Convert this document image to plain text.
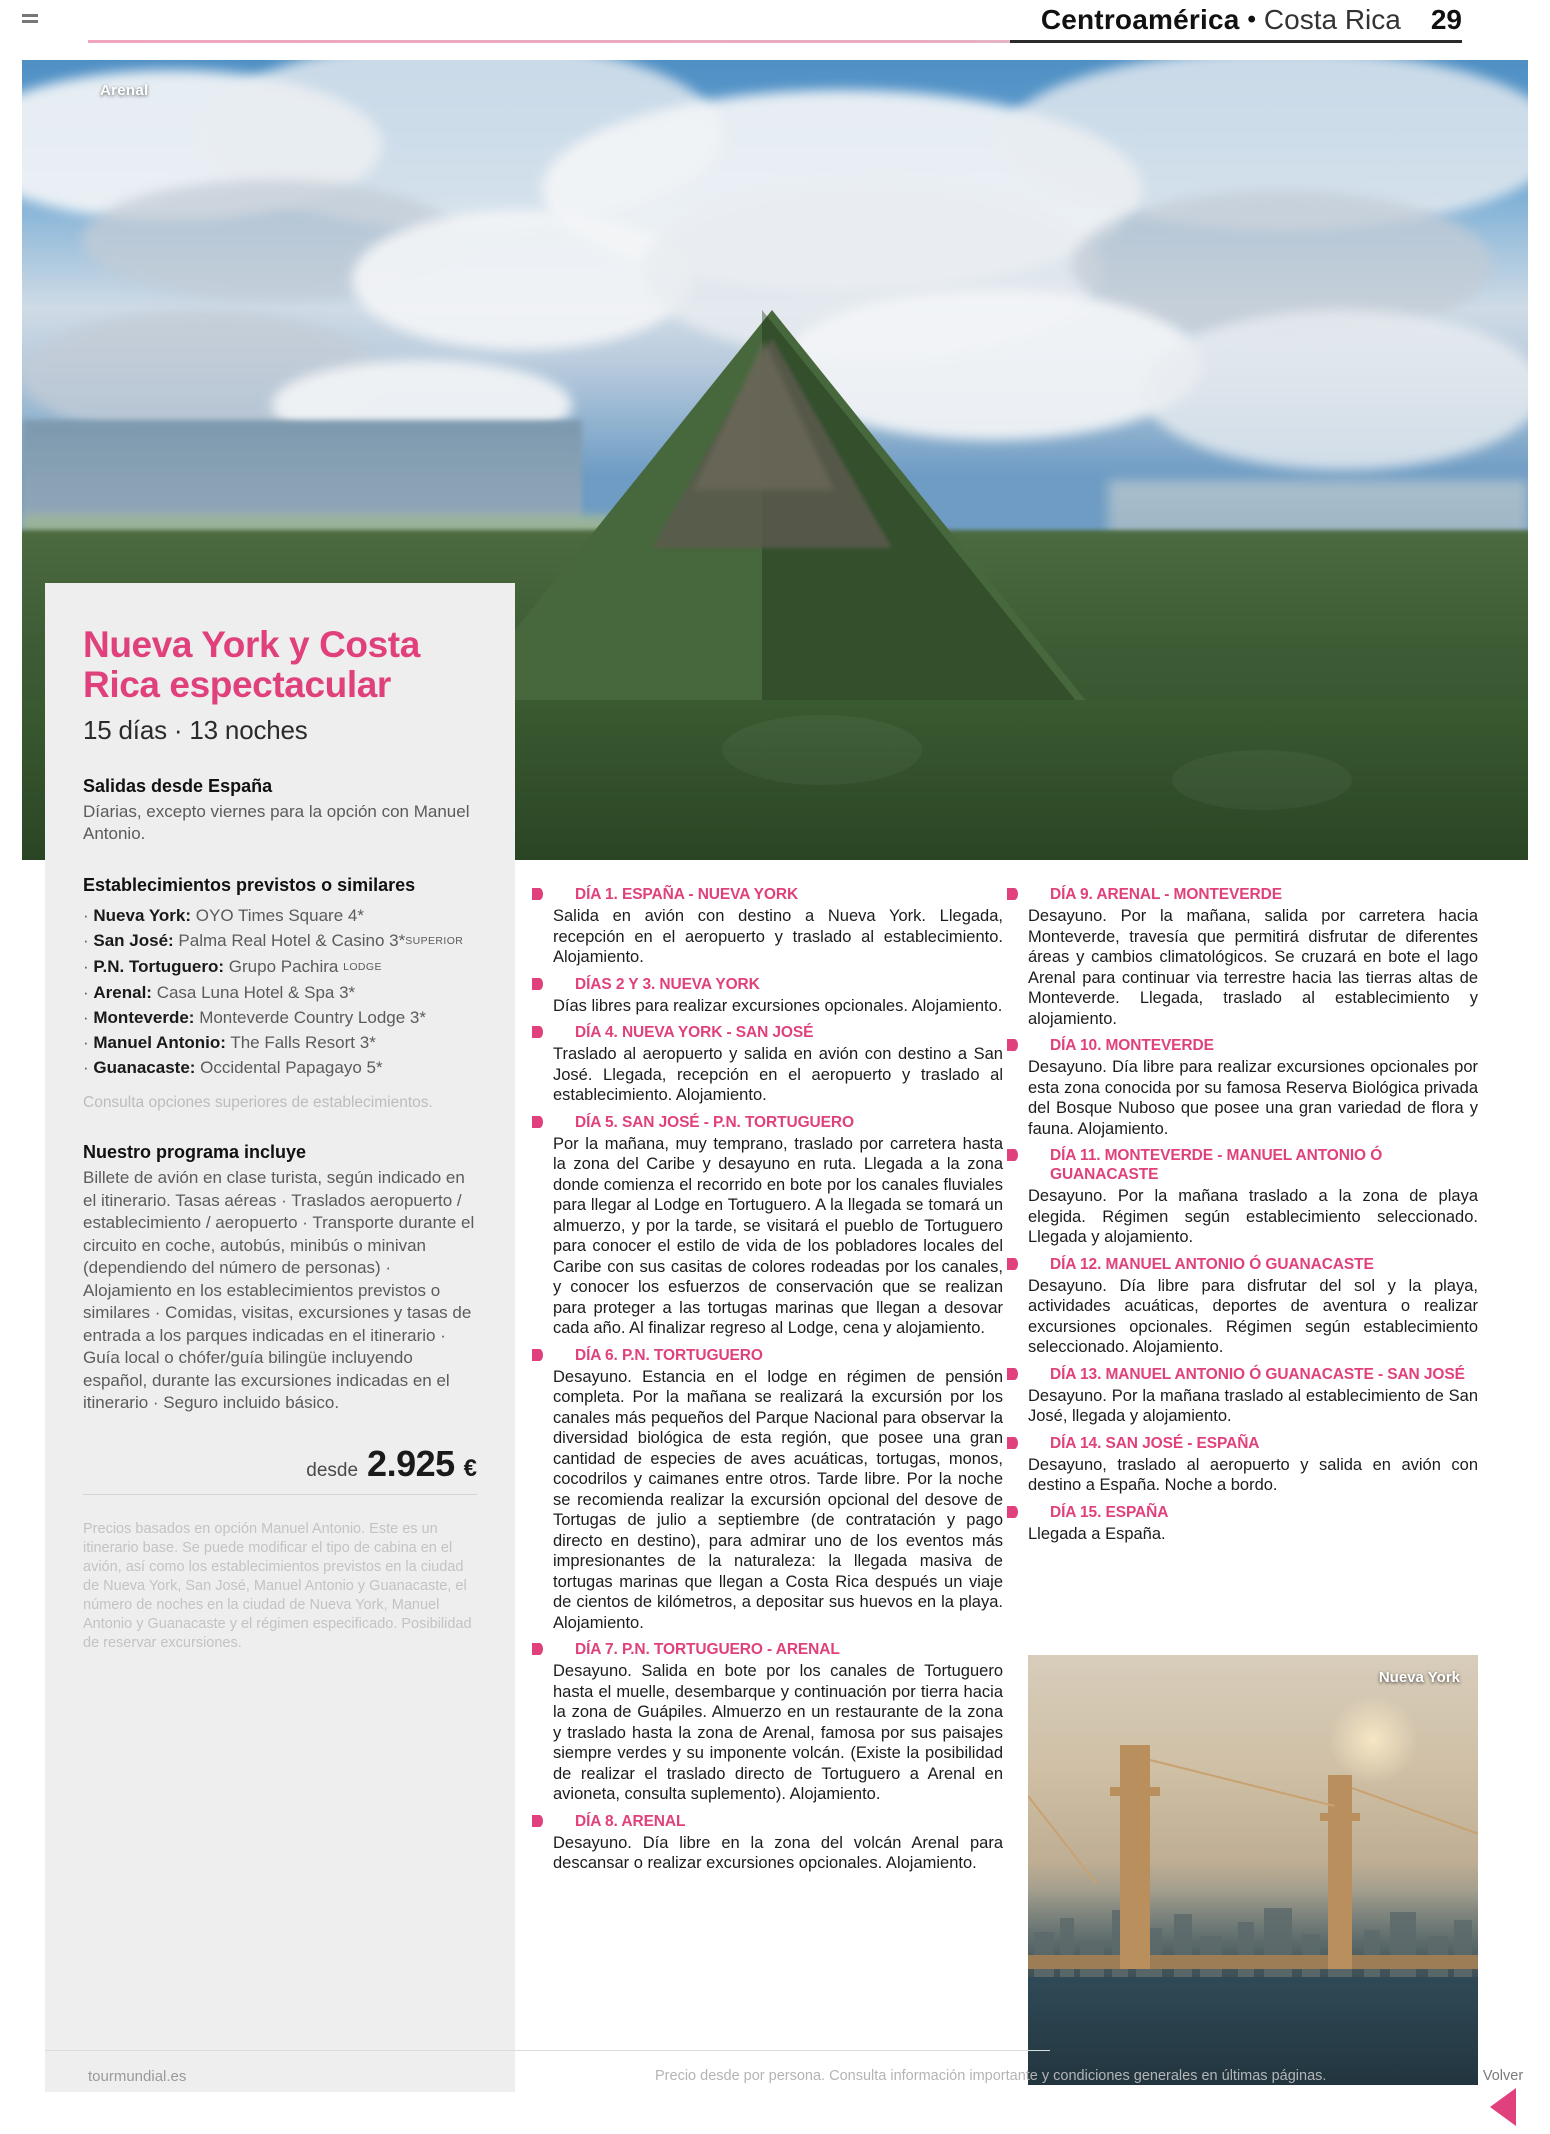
Centroamérica • Costa Rica 29
Arenal
Nueva York y Costa Rica espectacular
15 días · 13 noches
Salidas desde España
Díarias, excepto viernes para la opción con Manuel Antonio.
Establecimientos previstos o similares
· Nueva York: OYO Times Square 4*
· San José: Palma Real Hotel & Casino 3*SUPERIOR
· P.N. Tortuguero: Grupo Pachira LODGE
· Arenal: Casa Luna Hotel & Spa 3*
· Monteverde: Monteverde Country Lodge 3*
· Manuel Antonio: The Falls Resort 3*
· Guanacaste: Occidental Papagayo 5*
Consulta opciones superiores de establecimientos.
Nuestro programa incluye
Billete de avión en clase turista, según indicado en el itinerario. Tasas aéreas · Traslados aeropuerto / establecimiento / aeropuerto · Transporte durante el circuito en coche, autobús, minibús o minivan (dependiendo del número de personas) · Alojamiento en los establecimientos previstos o similares · Comidas, visitas, excursiones y tasas de entrada a los parques indicadas en el itinerario · Guía local o chófer/guía bilingüe incluyendo español, durante las excursiones indicadas en el itinerario · Seguro incluido básico.
desde 2.925 €
Precios basados en opción Manuel Antonio. Este es un itinerario base. Se puede modificar el tipo de cabina en el avión, así como los establecimientos previstos en la ciudad de Nueva York, San José, Manuel Antonio y Guanacaste, el número de noches en la ciudad de Nueva York, Manuel Antonio y Guanacaste y el régimen especificado. Posibilidad de reservar excursiones.
DÍA 1. ESPAÑA - NUEVA YORK
Salida en avión con destino a Nueva York. Llegada, recepción en el aeropuerto y traslado al establecimiento. Alojamiento.
DÍAS 2 Y 3. NUEVA YORK
Días libres para realizar excursiones opcionales. Alojamiento.
DÍA 4. NUEVA YORK - SAN JOSÉ
Traslado al aeropuerto y salida en avión con destino a San José. Llegada, recepción en el aeropuerto y traslado al establecimiento. Alojamiento.
DÍA 5. SAN JOSÉ - P.N. TORTUGUERO
Por la mañana, muy temprano, traslado por carretera hasta la zona del Caribe y desayuno en ruta. Llegada a la zona donde comienza el recorrido en bote por los canales fluviales para llegar al Lodge en Tortuguero. A la llegada se tomará un almuerzo, y por la tarde, se visitará el pueblo de Tortuguero para conocer el estilo de vida de los pobladores locales del Caribe con sus casitas de colores rodeadas por los canales, y conocer los esfuerzos de conservación que se realizan para proteger a las tortugas marinas que llegan a desovar cada año. Al finalizar regreso al Lodge, cena y alojamiento.
DÍA 6. P.N. TORTUGUERO
Desayuno. Estancia en el lodge en régimen de pensión completa. Por la mañana se realizará la excursión por los canales más pequeños del Parque Nacional para observar la diversidad biológica de esta región, que posee una gran cantidad de especies de aves acuáticas, tortugas, monos, cocodrilos y caimanes entre otros. Tarde libre. Por la noche se recomienda realizar la excursión opcional del desove de Tortugas de julio a septiembre (de contratación y pago directo en destino), para admirar uno de los eventos más impresionantes de la naturaleza: la llegada masiva de tortugas marinas que llegan a Costa Rica después un viaje de cientos de kilómetros, a depositar sus huevos en la playa. Alojamiento.
DÍA 7. P.N. TORTUGUERO - ARENAL
Desayuno. Salida en bote por los canales de Tortuguero hasta el muelle, desembarque y continuación por tierra hacia la zona de Guápiles. Almuerzo en un restaurante de la zona y traslado hasta la zona de Arenal, famosa por sus paisajes siempre verdes y su imponente volcán. (Existe la posibilidad de realizar el traslado directo de Tortuguero a Arenal en avioneta, consulta suplemento). Alojamiento.
DÍA 8. ARENAL
Desayuno. Día libre en la zona del volcán Arenal para descansar o realizar excursiones opcionales. Alojamiento.
DÍA 9. ARENAL - MONTEVERDE
Desayuno. Por la mañana, salida por carretera hacia Monteverde, travesía que permitirá disfrutar de diferentes áreas y cambios climatológicos. Se cruzará en bote el lago Arenal para continuar via terrestre hacia las tierras altas de Monteverde. Llegada, traslado al establecimiento y alojamiento.
DÍA 10. MONTEVERDE
Desayuno. Día libre para realizar excursiones opcionales por esta zona conocida por su famosa Reserva Biológica privada del Bosque Nuboso que posee una gran variedad de flora y fauna. Alojamiento.
DÍA 11. MONTEVERDE - MANUEL ANTONIO Ó GUANACASTE
Desayuno. Por la mañana traslado a la zona de playa elegida. Régimen según establecimiento seleccionado. Llegada y alojamiento.
DÍA 12. MANUEL ANTONIO Ó GUANACASTE
Desayuno. Día libre para disfrutar del sol y la playa, actividades acuáticas, deportes de aventura o realizar excursiones opcionales. Régimen según establecimiento seleccionado. Alojamiento.
DÍA 13. MANUEL ANTONIO Ó GUANACASTE - SAN JOSÉ
Desayuno. Por la mañana traslado al establecimiento de San José, llegada y alojamiento.
DÍA 14. SAN JOSÉ - ESPAÑA
Desayuno, traslado al aeropuerto y salida en avión con destino a España. Noche a bordo.
DÍA 15. ESPAÑA
Llegada a España.
Nueva York
tourmundial.es	Precio desde por persona. Consulta información importante y condiciones generales en últimas páginas.	Volver
